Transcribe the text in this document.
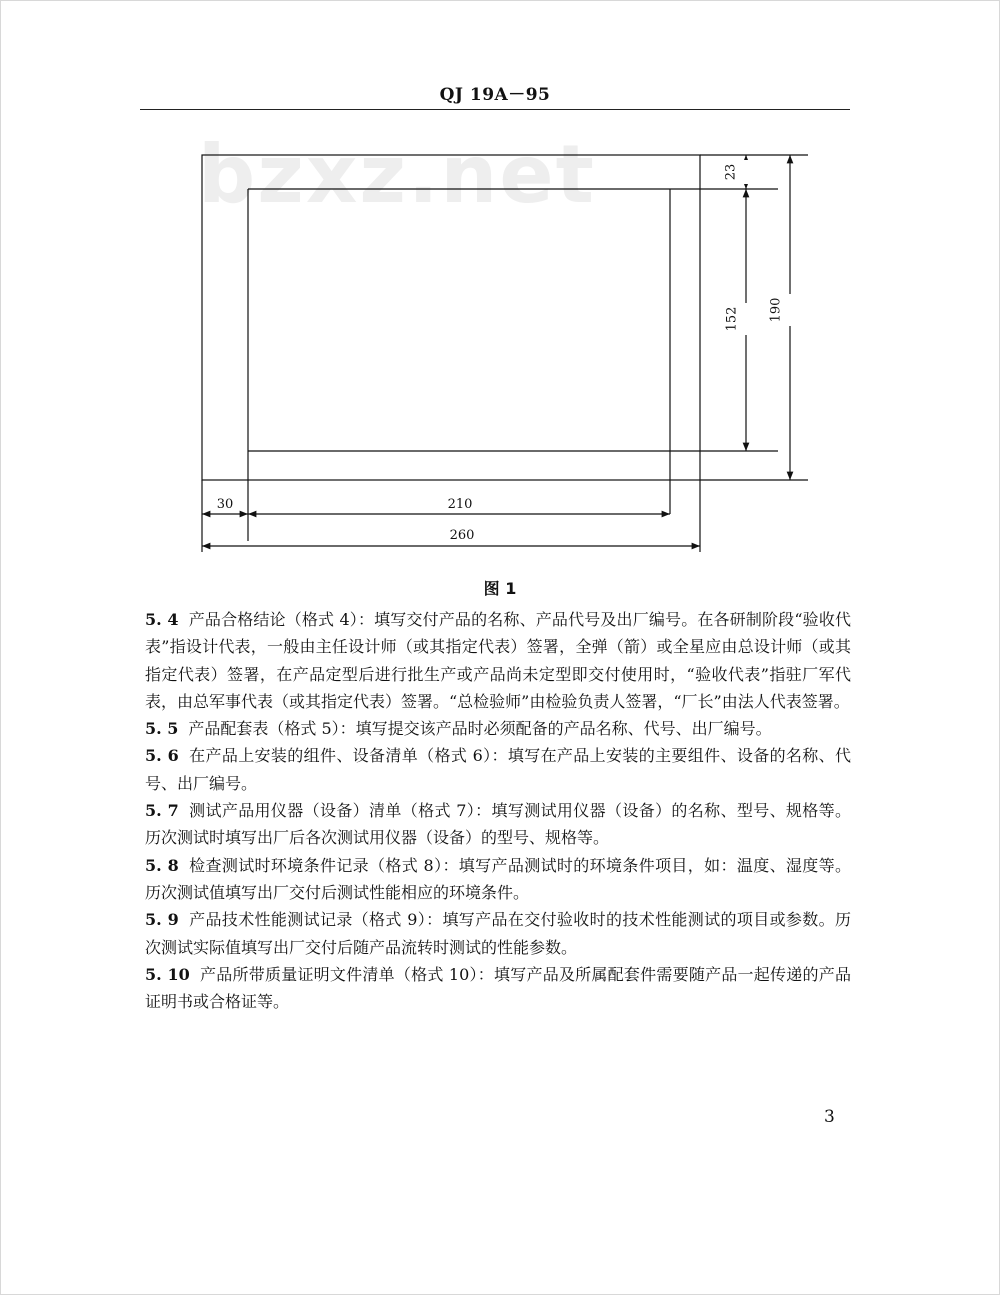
QJ 19A－95
bzxz.net	23
152 190
30	210
260
图 1

5. 4 产品合格结论（格式 4）：填写交付产品的名称、产品代号及出厂编号。在各研制阶段“验收代表”指设计代表，一般由主任设计师（或其指定代表）签署，全弹（箭）或全星应由总设计师（或其指定代表）签署，在产品定型后进行批生产或产品尚未定型即交付使用时，“验收代表”指驻厂军代表，由总军事代表（或其指定代表）签署。“总检验师”由检验负责人签署，“厂长”由法人代表签署。

5. 5 产品配套表（格式 5）：填写提交该产品时必须配备的产品名称、代号、出厂编号。

5. 6 在产品上安装的组件、设备清单（格式 6）：填写在产品上安装的主要组件、设备的名称、代号、出厂编号。

5. 7 测试产品用仪器（设备）清单（格式 7）：填写测试用仪器（设备）的名称、型号、规格等。历次测试时填写出厂后各次测试用仪器（设备）的型号、规格等。

5. 8 检查测试时环境条件记录（格式 8）：填写产品测试时的环境条件项目，如：温度、湿度等。历次测试值填写出厂交付后测试性能相应的环境条件。

5. 9 产品技术性能测试记录（格式 9）：填写产品在交付验收时的技术性能测试的项目或参数。历次测试实际值填写出厂交付后随产品流转时测试的性能参数。

5. 10 产品所带质量证明文件清单（格式 10）：填写产品及所属配套件需要随产品一起传递的产品证明书或合格证等。

3
